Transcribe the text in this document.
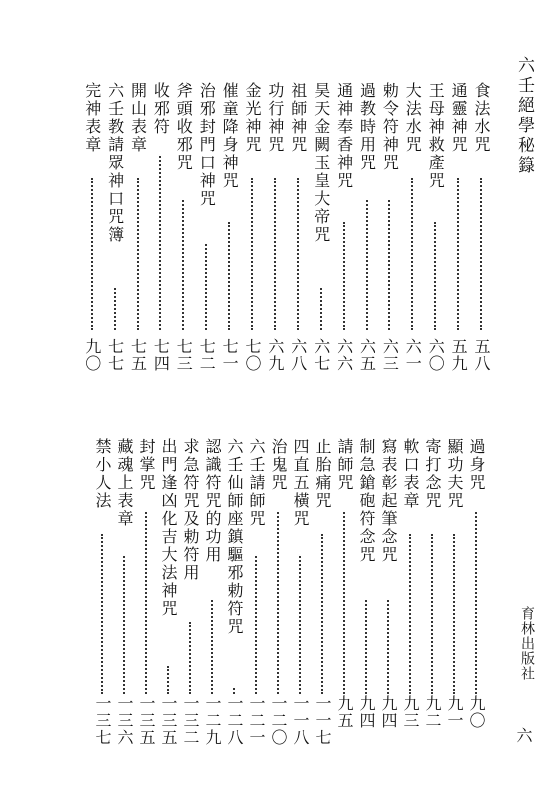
六壬絕學秘籙
育林出版社
六
食法水咒
五八
通靈神咒
五九
王母神救產咒
六〇
大法水咒
六一
勅令符神咒
六三
過教時用咒
六五
通神奉香神咒
六六
昊天金闕玉皇大帝咒
六七
祖師神咒
六八
功行神咒
六九
金光神咒
七〇
催童降身神咒
七一
治邪封門口神咒
七二
斧頭收邪咒
七三
收邪符
七四
開山表章
七五
六壬教請眾神口咒簿
七七
完神表章
九〇
過身咒
九〇
顯功夫咒
九一
寄打念咒
九二
軟口表章
九三
寫表彰起筆念咒
九四
制急鎗砲符念咒
九四
請師咒
九五
止胎痛咒
一一七
四直五橫咒
一一八
治鬼咒
一二〇
六壬請師咒
一二一
六壬仙師座鎮驅邪勅符咒
一二八
認識符咒的功用
一二九
求急符咒及勅符用
一三二
出門逢凶化吉大法神咒
一三五
封掌咒
一三五
藏魂上表章
一三六
禁小人法
一三七
